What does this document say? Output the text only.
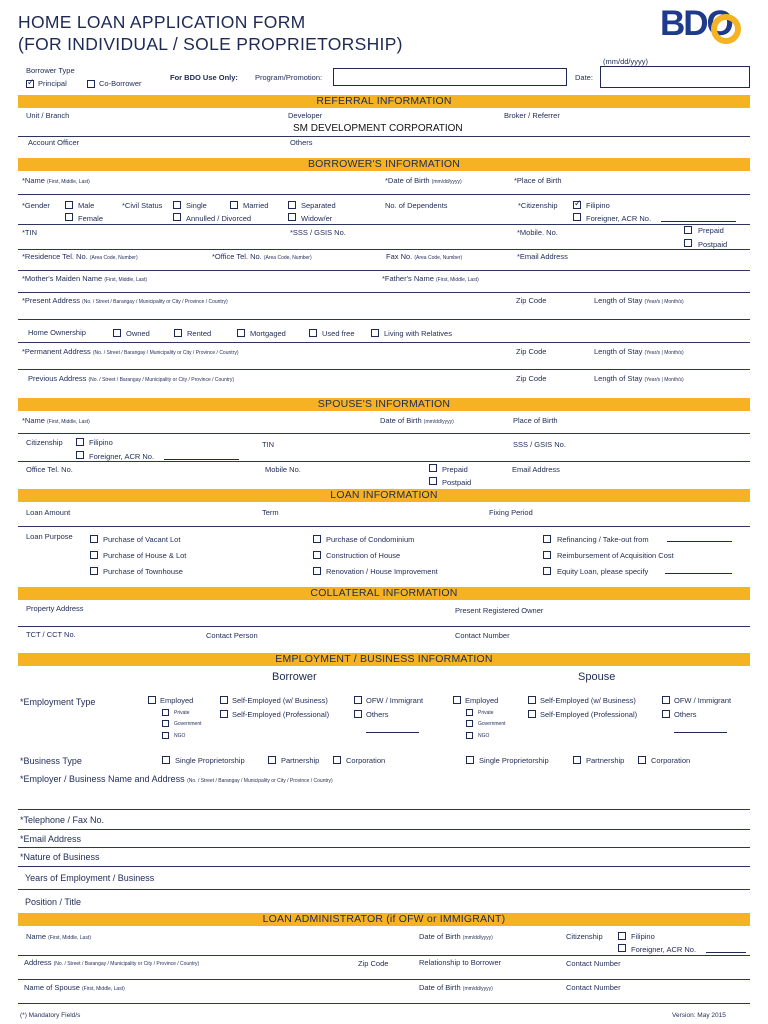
HOME LOAN APPLICATION FORM
(FOR INDIVIDUAL / SOLE PROPRIETORSHIP)
BDO
(mm/dd/yyyy)
Borrower Type
✓ Principal	Co-Borrower
For BDO Use Only: Program/Promotion:	Date:
REFERRAL INFORMATION
Unit / Branch	Developer	Broker / Referrer
SM DEVELOPMENT CORPORATION
Account Officer	Others
BORROWER'S INFORMATION
*Name (First, Middle, Last)	*Date of Birth (mm/dd/yyyy)	*Place of Birth
*Gender	Male
Female
*Civil Status	Single	Married	Separated
Annulled / Divorced	Widow/er
No. of Dependents	*Citizenship ✓ Filipino
Foreigner, ACR No.
*TIN	*SSS / GSIS No.	*Mobile. No.	Prepaid
Postpaid
*Residence Tel. No. (Area Code, Number)	*Office Tel. No. (Area Code, Number)	Fax No. (Area Code, Number)	*Email Address
*Mother's Maiden Name (First, Middle, Last)	*Father's Name (First, Middle, Last)
*Present Address (No. / Street / Barangay / Municipality or City / Province / Country)	Zip Code	Length of Stay (Year/s | Month/s)
Home Ownership	Owned	Rented	Mortgaged	Used free	Living with Relatives
*Permanent Address (No. / Street / Barangay / Municipality or City / Province / Country)	Zip Code	Length of Stay (Year/s | Month/s)
Previous Address (No. / Street / Barangay / Municipality or City / Province / Country)	Zip Code	Length of Stay (Year/s | Month/s)
SPOUSE'S INFORMATION
*Name (First, Middle, Last)	Date of Birth (mm/dd/yyyy)	Place of Birth
Citizenship	Filipino
Foreigner, ACR No.
TIN	SSS / GSIS No.
Office Tel. No.	Mobile No.	Prepaid
Postpaid
Email Address
LOAN INFORMATION
Loan Amount	Term	Fixing Period
Loan Purpose	Purchase of Vacant Lot
Purchase of House & Lot
Purchase of Townhouse
Purchase of Condominium
Construction of House
Renovation / House Improvement
Refinancing / Take-out from
Reimbursement of Acquisition Cost
Equity Loan, please specify
COLLATERAL INFORMATION
Property Address	Present Registered Owner
TCT / CCT No.	Contact Person	Contact Number
EMPLOYMENT / BUSINESS INFORMATION
Borrower	Spouse
*Employment Type	Employed
Private
Government
NGO
Self-Employed (w/ Business)
Self-Employed (Professional)
OFW / Immigrant
Others
Employed
Private
Government
NGO
Self-Employed (w/ Business)
Self-Employed (Professional)
OFW / Immigrant
Others
*Business Type	Single Proprietorship	Partnership	Corporation	Single Proprietorship	Partnership	Corporation
*Employer / Business Name and Address (No. / Street / Barangay / Municipality or City / Province / Country)
*Telephone / Fax No.
*Email Address
*Nature of Business
Years of Employment / Business
Position / Title
LOAN ADMINISTRATOR (if OFW or IMMIGRANT)
Name (First, Middle, Last)	Date of Birth (mm/dd/yyyy)	Citizenship	Filipino
Foreigner, ACR No.
Address (No. / Street / Barangay / Municipality or City / Province / Country)	Zip Code	Relationship to Borrower	Contact Number
Name of Spouse (First, Middle, Last)	Date of Birth (mm/dd/yyyy)	Contact Number
(*) Mandatory Field/s	Version: May 2015
